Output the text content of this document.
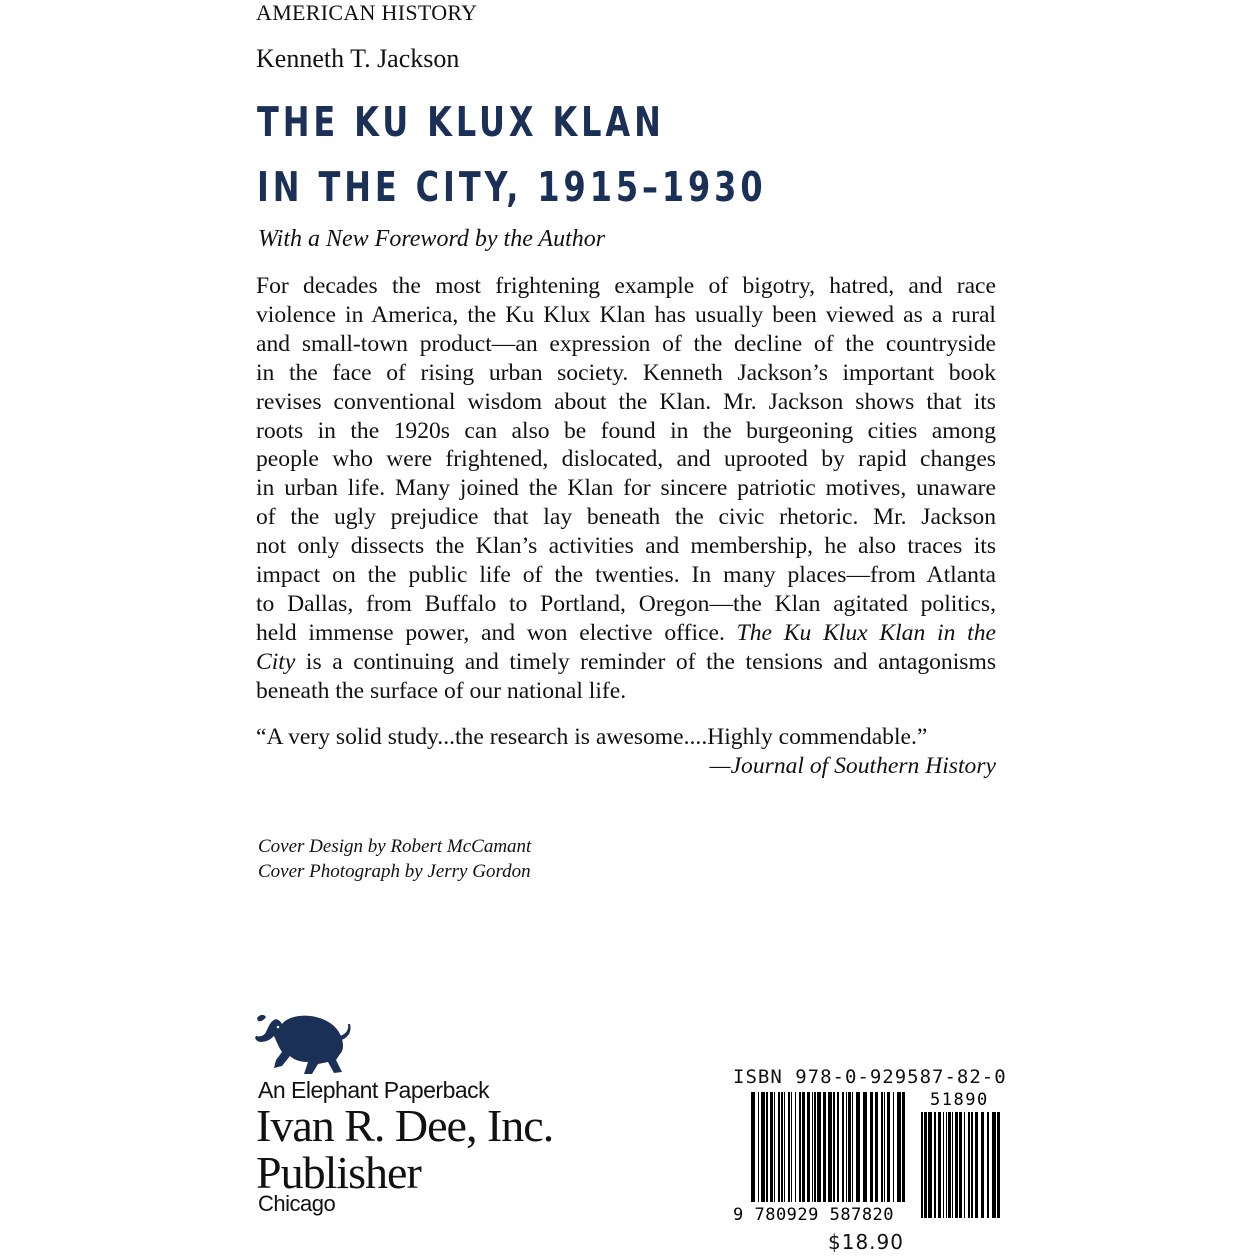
AMERICAN HISTORY
Kenneth T. Jackson
THE KU KLUX KLAN
IN THE CITY, 1915–1930
With a New Foreword by the Author
For decades the most frightening example of bigotry, hatred, and race
violence in America, the Ku Klux Klan has usually been viewed as a rural
and small-town product—an expression of the decline of the countryside
in the face of rising urban society. Kenneth Jackson’s important book
revises conventional wisdom about the Klan. Mr. Jackson shows that its
roots in the 1920s can also be found in the burgeoning cities among
people who were frightened, dislocated, and uprooted by rapid changes
in urban life. Many joined the Klan for sincere patriotic motives, unaware
of the ugly prejudice that lay beneath the civic rhetoric. Mr. Jackson
not only dissects the Klan’s activities and membership, he also traces its
impact on the public life of the twenties. In many places—from Atlanta
to Dallas, from Buffalo to Portland, Oregon—the Klan agitated politics,
held immense power, and won elective office. The Ku Klux Klan in the
City is a continuing and timely reminder of the tensions and antagonisms
beneath the surface of our national life.
“A very solid study...the research is awesome....Highly commendable.”
—Journal of Southern History
Cover Design by Robert McCamant
Cover Photograph by Jerry Gordon
An Elephant Paperback
Ivan R. Dee, Inc.
Publisher
Chicago
ISBN 978-0-929587-82-0
51890
9 780929 587820
$18.90
